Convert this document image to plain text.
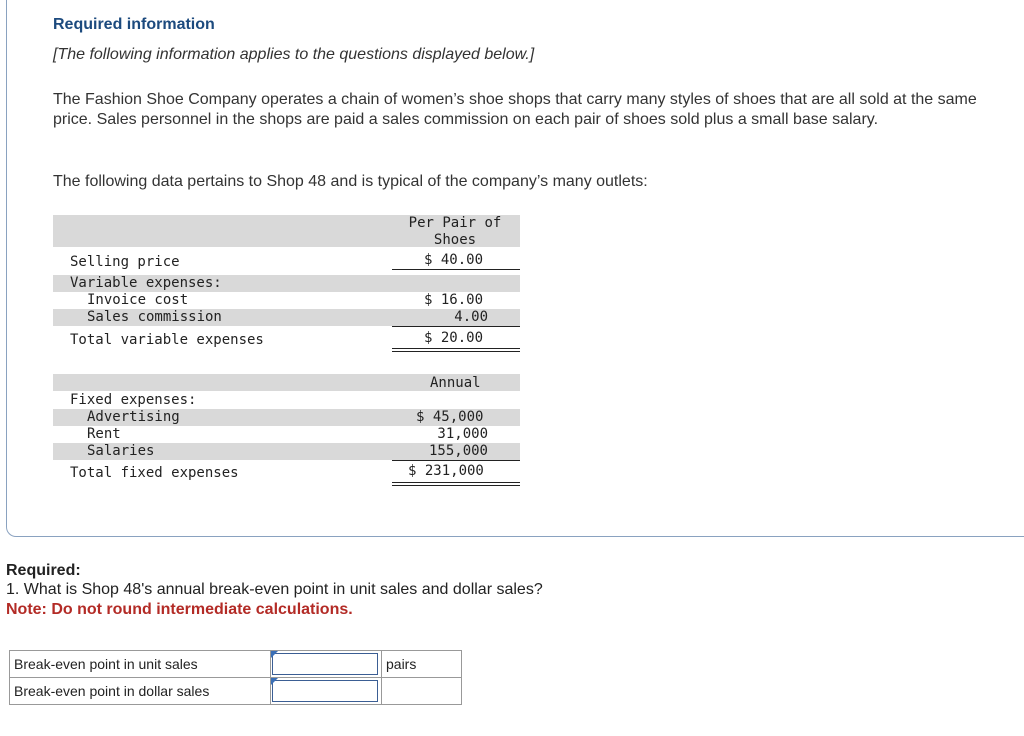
Required information
[The following information applies to the questions displayed below.]
The Fashion Shoe Company operates a chain of women’s shoe shops that carry many styles of shoes that are all sold at the same price. Sales personnel in the shops are paid a sales commission on each pair of shoes sold plus a small base salary.
The following data pertains to Shop 48 and is typical of the company’s many outlets:
Per Pair of
Shoes
Selling price	$ 40.00
Variable expenses:
Invoice cost	$ 16.00
Sales commission	4.00
Total variable expenses	$ 20.00
Annual
Fixed expenses:
Advertising	$ 45,000
Rent	31,000
Salaries	155,000
Total fixed expenses	$ 231,000
Required:
1. What is Shop 48's annual break-even point in unit sales and dollar sales?
Note: Do not round intermediate calculations.
Break-even point in unit sales		pairs
Break-even point in dollar sales	
